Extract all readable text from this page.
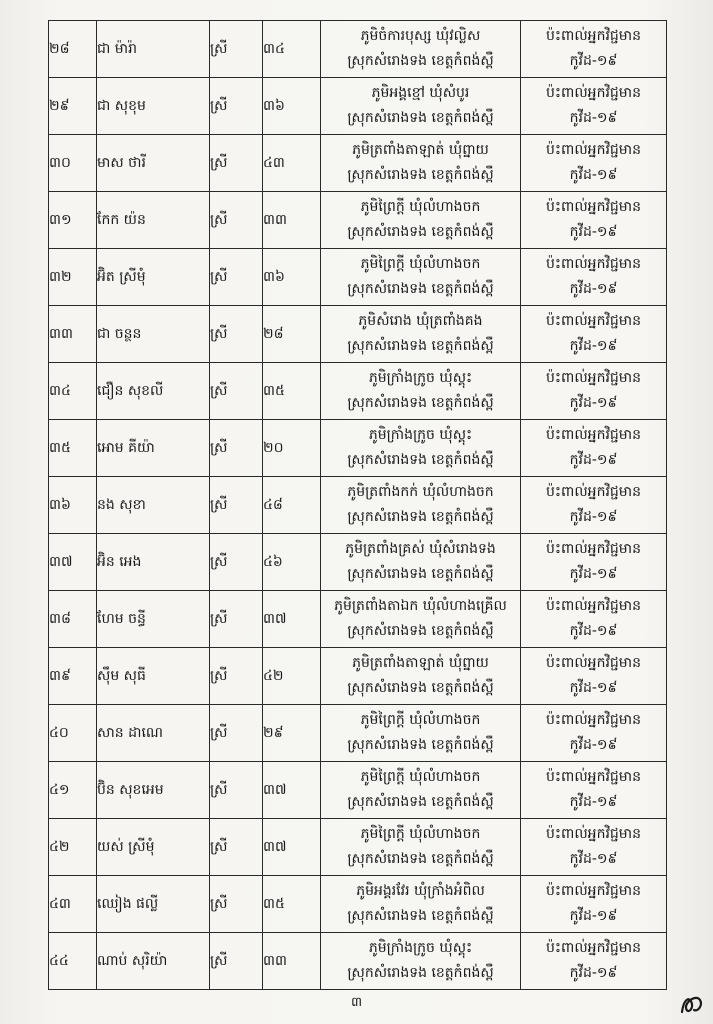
២៨	ជា ម៉ារ៉ា	ស្រី	៣៤	ភូមិចំការបុស្ស ឃុំវល្លិស
ស្រុកសំរោងទង ខេត្តកំពង់ស្ពឺ	ប៉ះពាល់អ្នកវិជ្ជមាន
កូវីដ-១៩

២៩	ជា សុខុម	ស្រី	៣៦	ភូមិអង្គខ្មៅ ឃុំសំបូរ
ស្រុកសំរោងទង ខេត្តកំពង់ស្ពឺ	ប៉ះពាល់អ្នកវិជ្ជមាន
កូវីដ-១៩

៣០	មាស ថារី	ស្រី	៤៣	ភូមិត្រពាំងតាឡាត់ ឃុំព្នាយ
ស្រុកសំរោងទង ខេត្តកំពង់ស្ពឺ	ប៉ះពាល់អ្នកវិជ្ជមាន
កូវីដ-១៩

៣១	កែក យ៉ន	ស្រី	៣៣	ភូមិព្រៃក្ដី ឃុំលំហាងចក
ស្រុកសំរោងទង ខេត្តកំពង់ស្ពឺ	ប៉ះពាល់អ្នកវិជ្ជមាន
កូវីដ-១៩

៣២	អ៊ិត ស្រីមុំ	ស្រី	៣៦	ភូមិព្រៃក្ដី ឃុំលំហាងចក
ស្រុកសំរោងទង ខេត្តកំពង់ស្ពឺ	ប៉ះពាល់អ្នកវិជ្ជមាន
កូវីដ-១៩

៣៣	ជា ចន្ថន	ស្រី	២៨	ភូមិសំរោង ឃុំត្រពាំងគង
ស្រុកសំរោងទង ខេត្តកំពង់ស្ពឺ	ប៉ះពាល់អ្នកវិជ្ជមាន
កូវីដ-១៩

៣៤	ជឿន សុខលី	ស្រី	៣៥	ភូមិក្រាំងក្រូច ឃុំស្គុះ
ស្រុកសំរោងទង ខេត្តកំពង់ស្ពឺ	ប៉ះពាល់អ្នកវិជ្ជមាន
កូវីដ-១៩

៣៥	អោម គីយ៉ា	ស្រី	២០	ភូមិក្រាំងក្រូច ឃុំស្គុះ
ស្រុកសំរោងទង ខេត្តកំពង់ស្ពឺ	ប៉ះពាល់អ្នកវិជ្ជមាន
កូវីដ-១៩

៣៦	នង សុខា	ស្រី	៤៨	ភូមិត្រពាំងកក់ ឃុំលំហាងចក
ស្រុកសំរោងទង ខេត្តកំពង់ស្ពឺ	ប៉ះពាល់អ្នកវិជ្ជមាន
កូវីដ-១៩

៣៧	អ៊ិន អេង	ស្រី	៤៦	ភូមិត្រពាំងគ្រស់ ឃុំសំរោងទង
ស្រុកសំរោងទង ខេត្តកំពង់ស្ពឺ	ប៉ះពាល់អ្នកវិជ្ជមាន
កូវីដ-១៩

៣៨	ហែម ចន្ធី	ស្រី	៣៧	ភូមិត្រពាំងតាឯក ឃុំលំហាងគ្រើល
ស្រុកសំរោងទង ខេត្តកំពង់ស្ពឺ	ប៉ះពាល់អ្នកវិជ្ជមាន
កូវីដ-១៩

៣៩	ស៊ឹម សុធី	ស្រី	៤២	ភូមិត្រពាំងតាឡាត់ ឃុំព្នាយ
ស្រុកសំរោងទង ខេត្តកំពង់ស្ពឺ	ប៉ះពាល់អ្នកវិជ្ជមាន
កូវីដ-១៩

៤០	សាន ដាណេ	ស្រី	២៩	ភូមិព្រៃក្ដី ឃុំលំហាងចក
ស្រុកសំរោងទង ខេត្តកំពង់ស្ពឺ	ប៉ះពាល់អ្នកវិជ្ជមាន
កូវីដ-១៩

៤១	ប៊ិន សុខអេម	ស្រី	៣៧	ភូមិព្រៃក្ដី ឃុំលំហាងចក
ស្រុកសំរោងទង ខេត្តកំពង់ស្ពឺ	ប៉ះពាល់អ្នកវិជ្ជមាន
កូវីដ-១៩

៤២	យស់ ស្រីមុំ	ស្រី	៣៧	ភូមិព្រៃក្ដី ឃុំលំហាងចក
ស្រុកសំរោងទង ខេត្តកំពង់ស្ពឺ	ប៉ះពាល់អ្នកវិជ្ជមាន
កូវីដ-១៩

៤៣	ឈៀង ផល្លី	ស្រី	៣៥	ភូមិអង្គរវែរ ឃុំក្រាំងអំពិល
ស្រុកសំរោងទង ខេត្តកំពង់ស្ពឺ	ប៉ះពាល់អ្នកវិជ្ជមាន
កូវីដ-១៩

៤៤	ណាប់ សុរិយ៉ា	ស្រី	៣៣	ភូមិក្រាំងក្រូច ឃុំស្គុះ
ស្រុកសំរោងទង ខេត្តកំពង់ស្ពឺ	ប៉ះពាល់អ្នកវិជ្ជមាន
កូវីដ-១៩
៣
